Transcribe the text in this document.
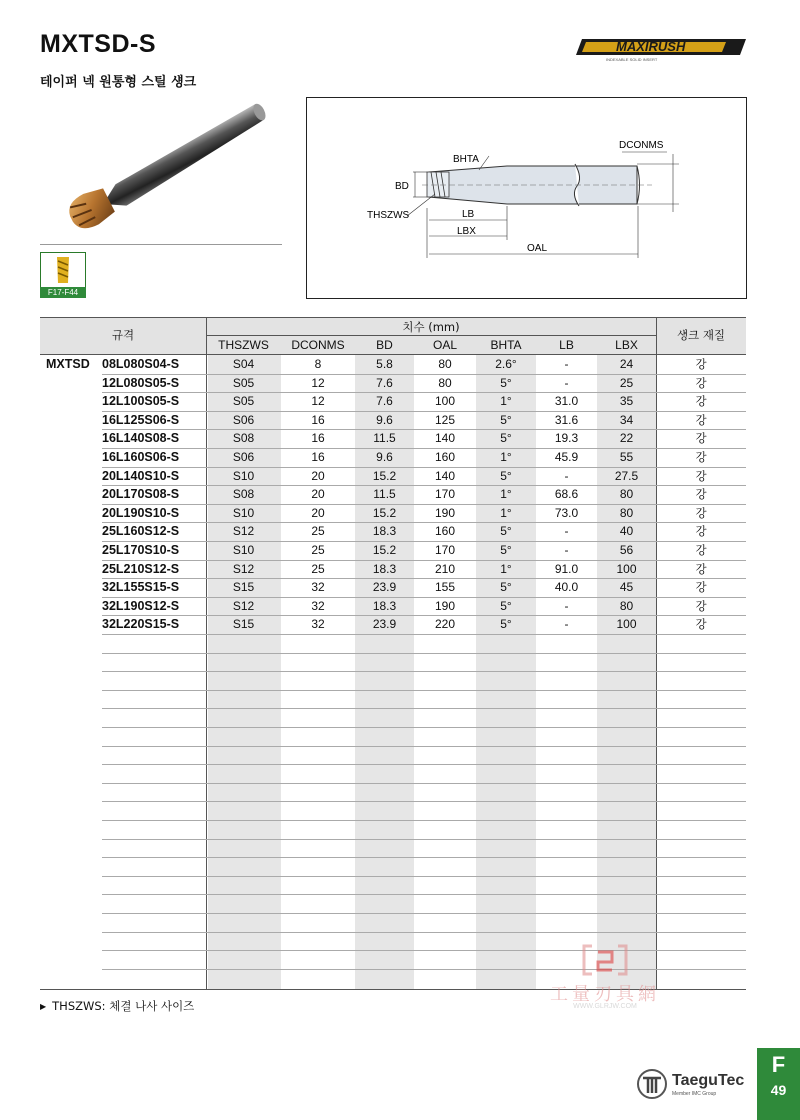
MXTSD-S
테이퍼 넥 원통형 스틸 섕크
MAXIRUSH
INDEXABLE SOLID INSERT
F17-F44
DCONMS
BHTA
BD
THSZWS	LB
LBX
OAL
규격
치수 (mm)
섕크 재질
THSZWS	DCONMS	BD	OAL	BHTA	LB	LBX
MXTSD 08L080S04-S	S04	8	5.8	80	2.6°	-	24	강
12L080S05-S	S05	12	7.6	80	5°	-	25	강
12L100S05-S	S05	12	7.6	100	1°	31.0	35	강
16L125S06-S	S06	16	9.6	125	5°	31.6	34	강
16L140S08-S	S08	16	11.5	140	5°	19.3	22	강
16L160S06-S	S06	16	9.6	160	1°	45.9	55	강
20L140S10-S	S10	20	15.2	140	5°	-	27.5	강
20L170S08-S	S08	20	11.5	170	1°	68.6	80	강
20L190S10-S	S10	20	15.2	190	1°	73.0	80	강
25L160S12-S	S12	25	18.3	160	5°	-	40	강
25L170S10-S	S10	25	15.2	170	5°	-	56	강
25L210S12-S	S12	25	18.3	210	1°	91.0	100	강
32L155S15-S	S15	32	23.9	155	5°	40.0	45	강
32L190S12-S	S12	32	18.3	190	5°	-	80	강
32L220S15-S	S15	32	23.9	220	5°	-	100	강
▶ THSZWS: 체결 나사 사이즈
工量刃具網
WWW.GLRJW.COM
TaeguTec
Member IMC Group
F
49
